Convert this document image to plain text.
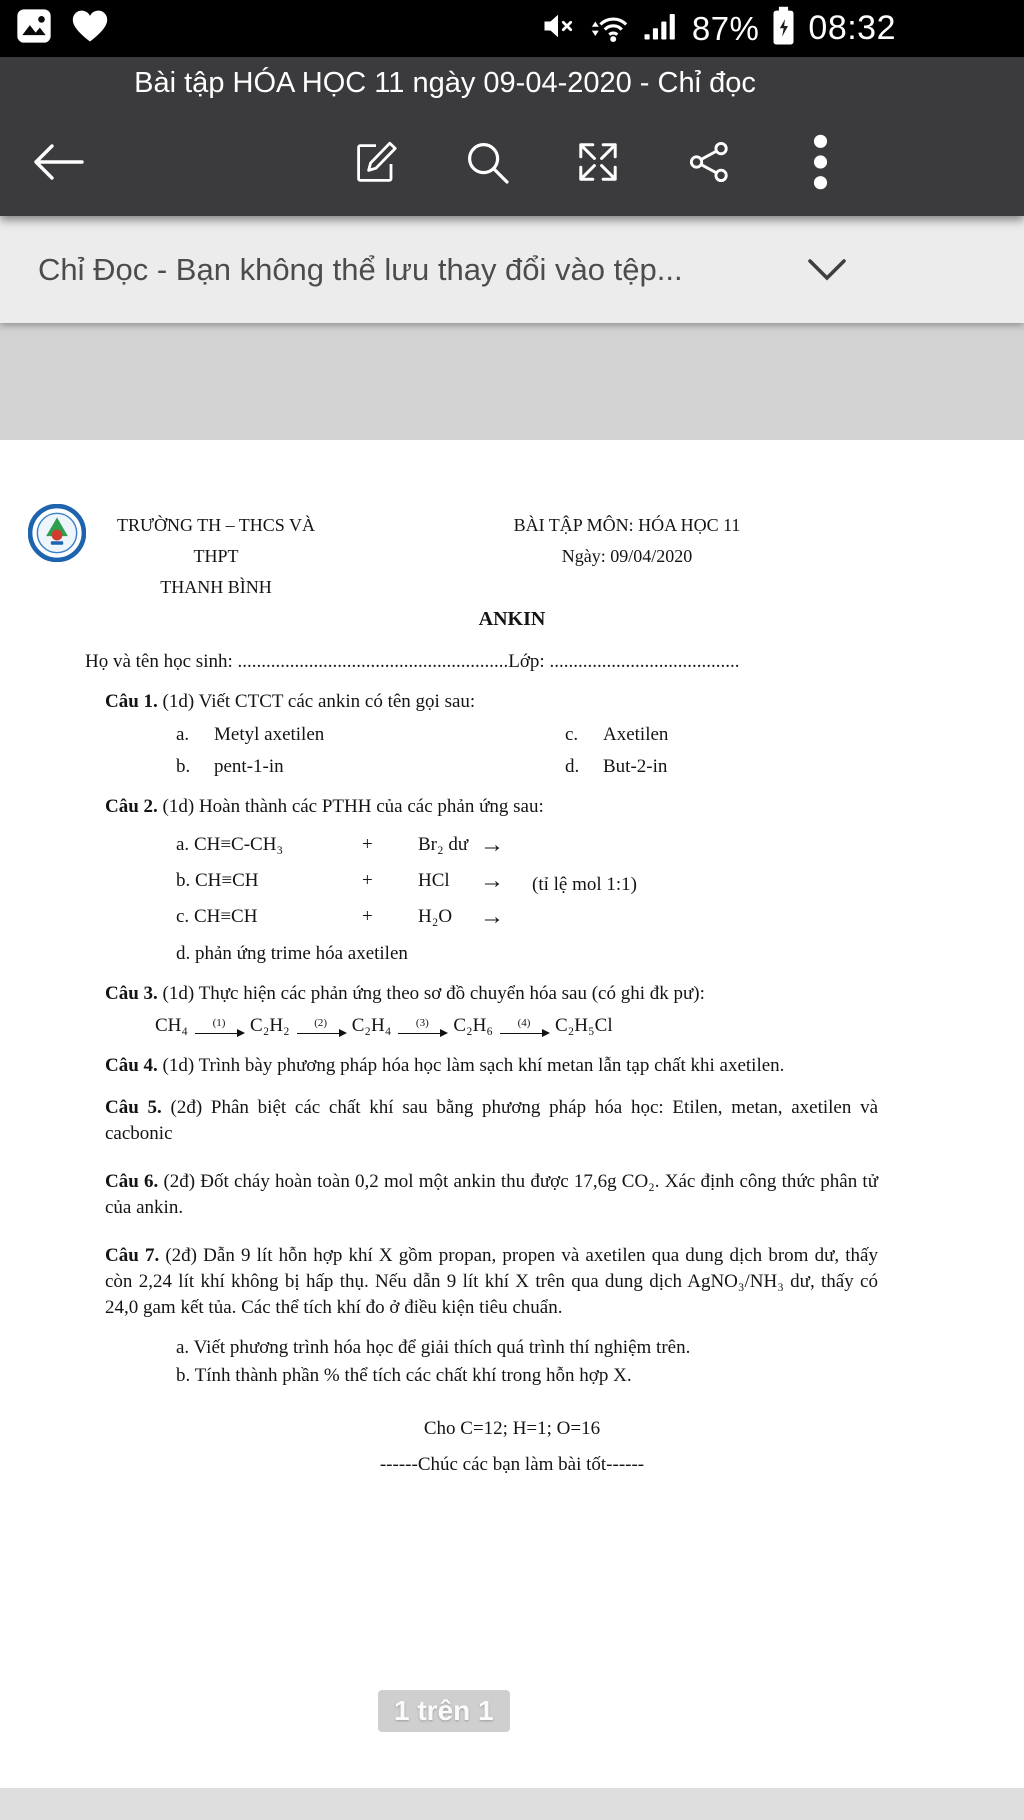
87% 08:32
Bài tập HÓA HỌC 11 ngày 09-04-2020 - Chỉ đọc
Chỉ Đọc - Bạn không thể lưu thay đổi vào tệp...
TRƯỜNG TH – THCS VÀ THPT
THANH BÌNH
BÀI TẬP MÔN: HÓA HỌC 11
Ngày: 09/04/2020
ANKIN
Họ và tên học sinh: .........................................................Lớp: ........................................

Câu 1. (1d) Viết CTCT các ankin có tên gọi sau:

a.	Metyl axetilen	c.	Axetilen
b.	pent-1-in	d.	But-2-in

Câu 2. (1d) Hoàn thành các PTHH của các phản ứng sau:

a. CH≡C-CH₃	+	Br₂ dư →
b. CH≡CH	+	HCl	→	(tỉ lệ mol 1:1)
c. CH≡CH	+	H₂O	→
d. phản ứng trime hóa axetilen

Câu 3. (1d) Thực hiện các phản ứng theo sơ đồ chuyển hóa sau (có ghi đk pư):

CH₄ (1) C₂H₂ (2) C₂H₄ (3) C₂H₆ (4) C₂H₅Cl

Câu 4. (1d) Trình bày phương pháp hóa học làm sạch khí metan lẫn tạp chất khi axetilen.

Câu 5. (2đ) Phân biệt các chất khí sau bằng phương pháp hóa học: Etilen, metan, axetilen và cacbonic

Câu 6. (2đ) Đốt cháy hoàn toàn 0,2 mol một ankin thu được 17,6g CO₂. Xác định công thức phân tử của ankin.

Câu 7. (2đ) Dẫn 9 lít hỗn hợp khí X gồm propan, propen và axetilen qua dung dịch brom dư, thấy còn 2,24 lít khí không bị hấp thụ. Nếu dẫn 9 lít khí X trên qua dung dịch AgNO₃/NH₃ dư, thấy có 24,0 gam kết tủa. Các thể tích khí đo ở điều kiện tiêu chuẩn.

a. Viết phương trình hóa học để giải thích quá trình thí nghiệm trên.
b. Tính thành phần % thể tích các chất khí trong hỗn hợp X.
Cho C=12; H=1; O=16
------Chúc các bạn làm bài tốt------
1 trên 1
